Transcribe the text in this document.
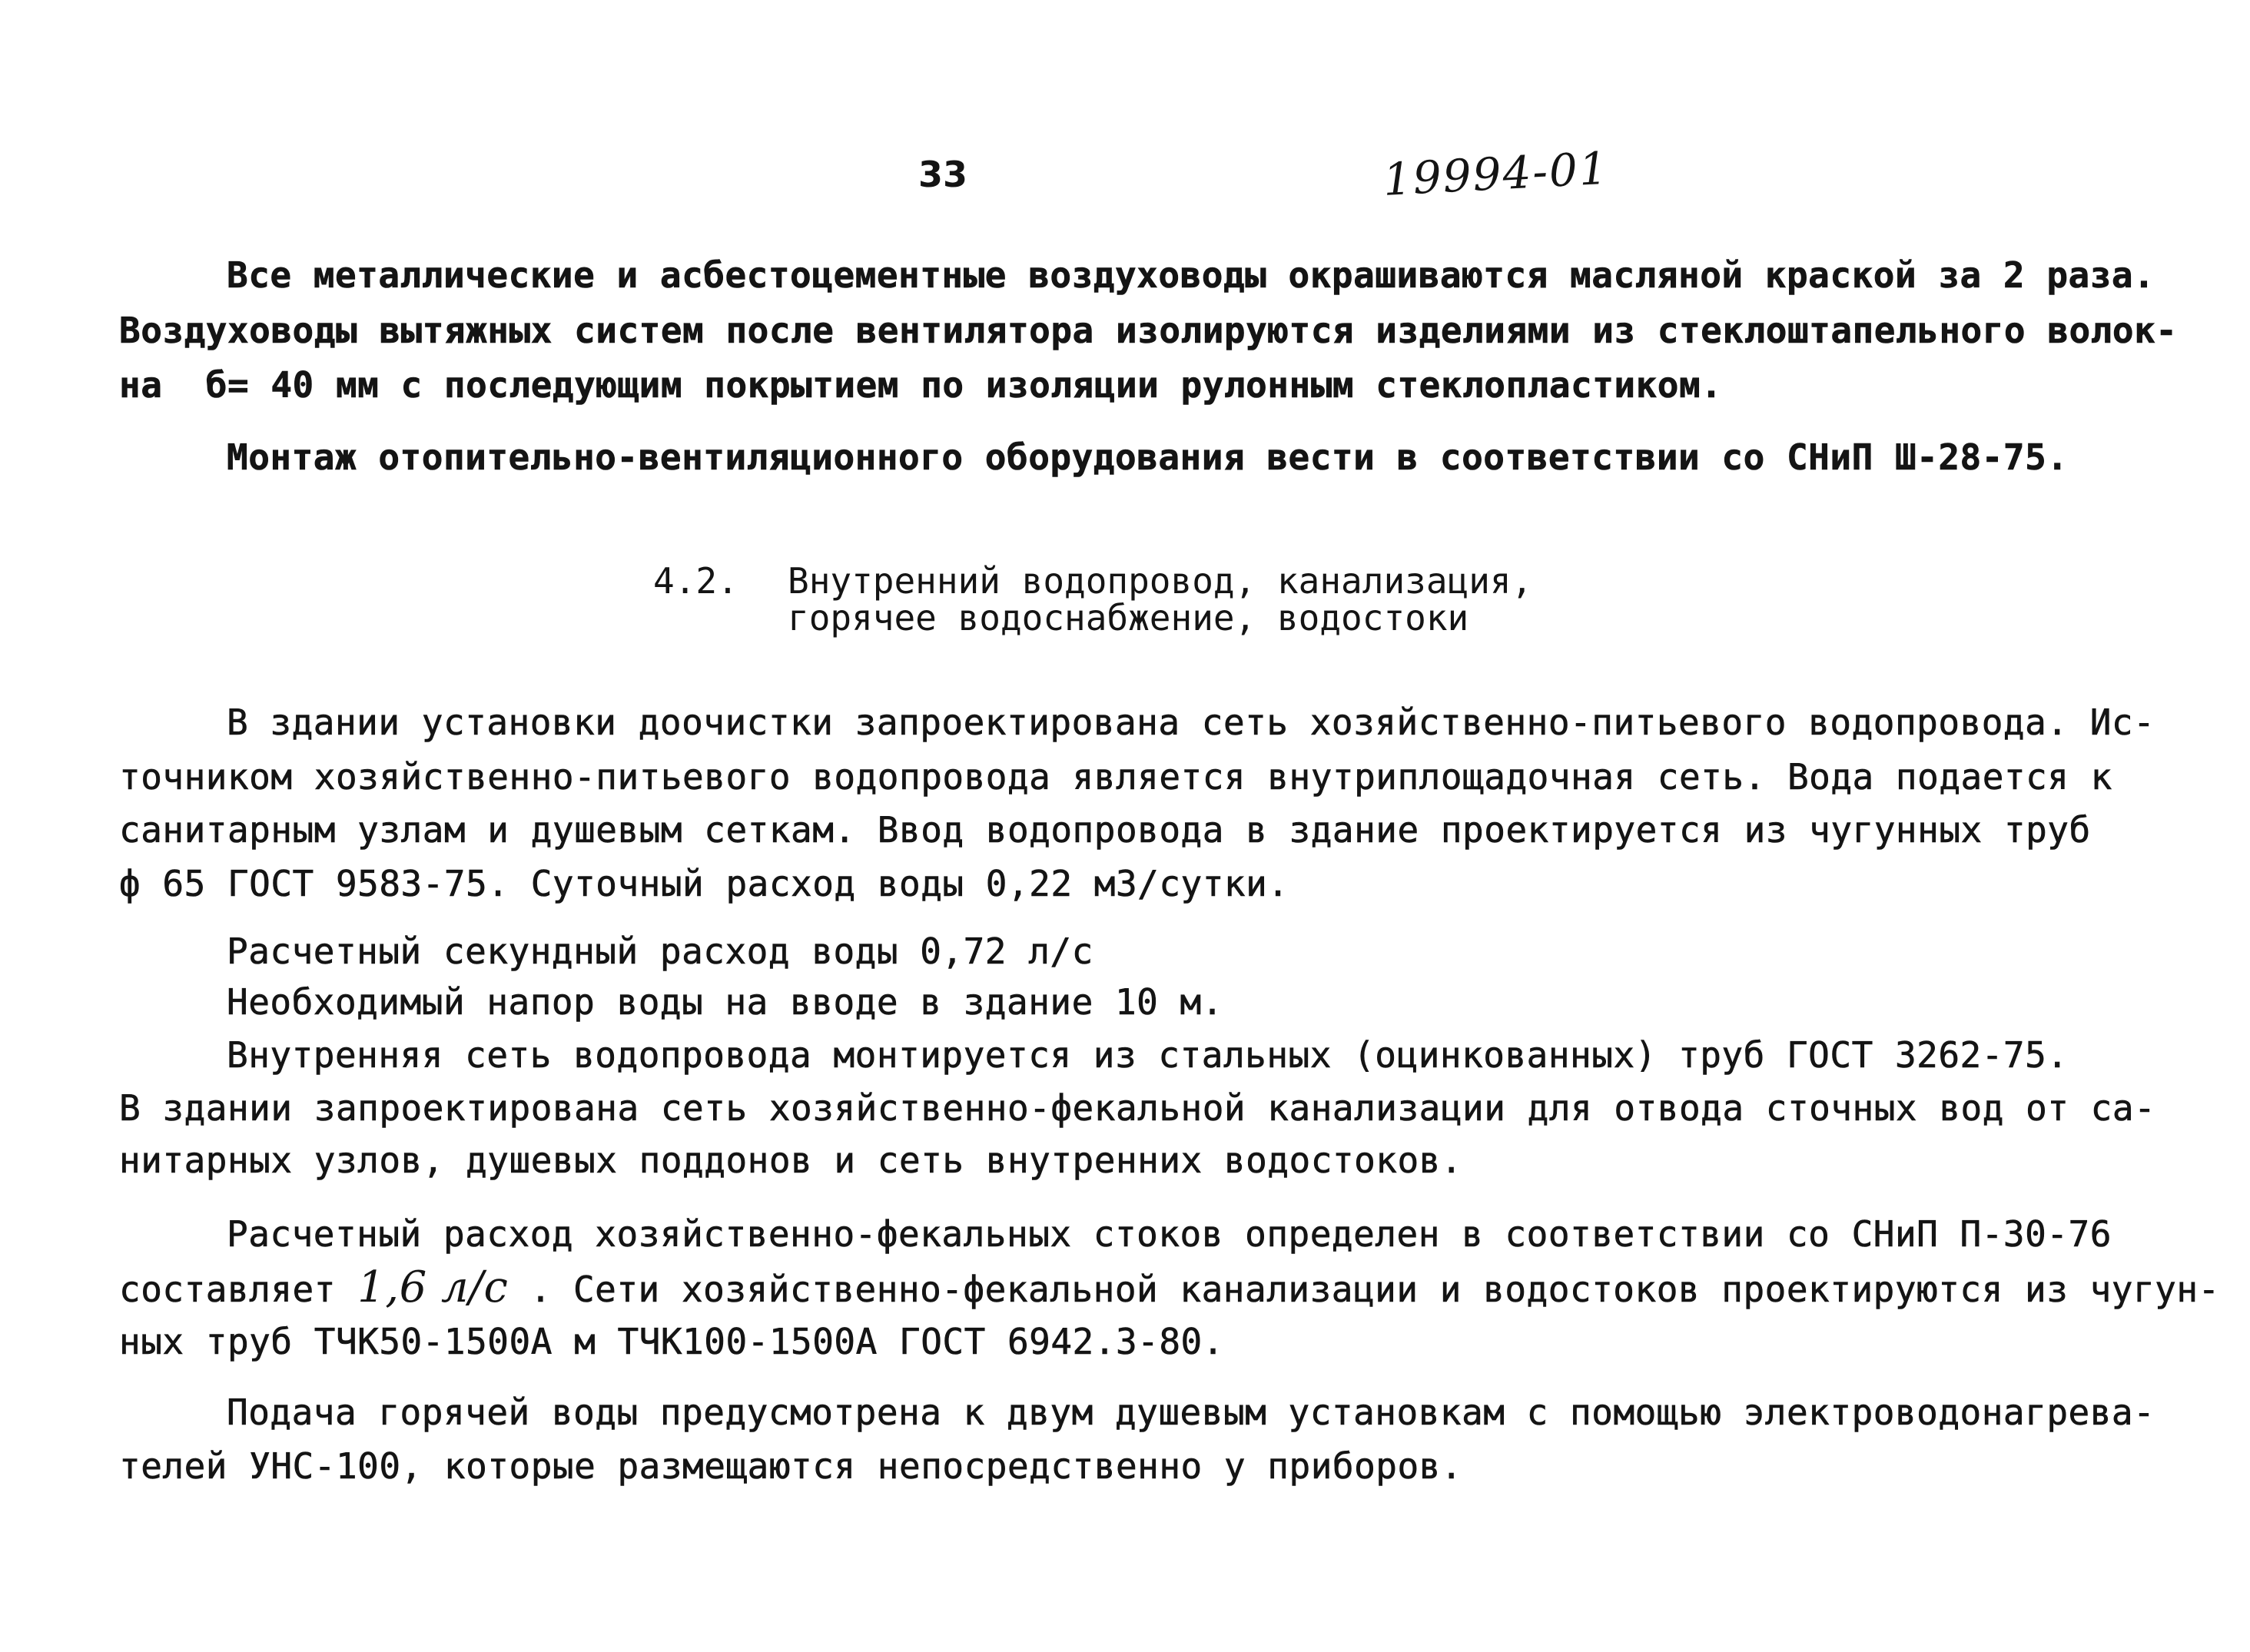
33	19994-01
Все металлические и асбестоцементные воздуховоды окрашиваются масляной краской за 2 раза.
Воздуховоды вытяжных систем после вентилятора изолируются изделиями из стеклоштапельного волок-
на  б= 40 мм с последующим покрытием по изоляции рулонным стеклопластиком.
Монтаж отопительно-вентиляционного оборудования вести в соответствии со СНиП Ш-28-75.
4.2. Внутренний водопровод, канализация,
горячее водоснабжение, водостоки
В здании установки доочистки запроектирована сеть хозяйственно-питьевого водопровода. Ис-
точником хозяйственно-питьевого водопровода является внутриплощадочная сеть. Вода подается к
санитарным узлам и душевым сеткам. Ввод водопровода в здание проектируется из чугунных труб
ф 65 ГОСТ 9583-75. Суточный расход воды 0,22 м3/сутки.
Расчетный секундный расход воды 0,72 л/с
Необходимый напор воды на вводе в здание 10 м.
Внутренняя сеть водопровода монтируется из стальных (оцинкованных) труб ГОСТ 3262-75.
В здании запроектирована сеть хозяйственно-фекальной канализации для отвода сточных вод от са-
нитарных узлов, душевых поддонов и сеть внутренних водостоков.
Расчетный расход хозяйственно-фекальных стоков определен в соответствии со СНиП П-30-76
составляет 1,6 л/с . Сети хозяйственно-фекальной канализации и водостоков проектируются из чугун-
ных труб ТЧК50-1500А м ТЧК100-1500А ГОСТ 6942.3-80.
Подача горячей воды предусмотрена к двум душевым установкам с помощью электроводонагрева-
телей УНС-100, которые размещаются непосредственно у приборов.
